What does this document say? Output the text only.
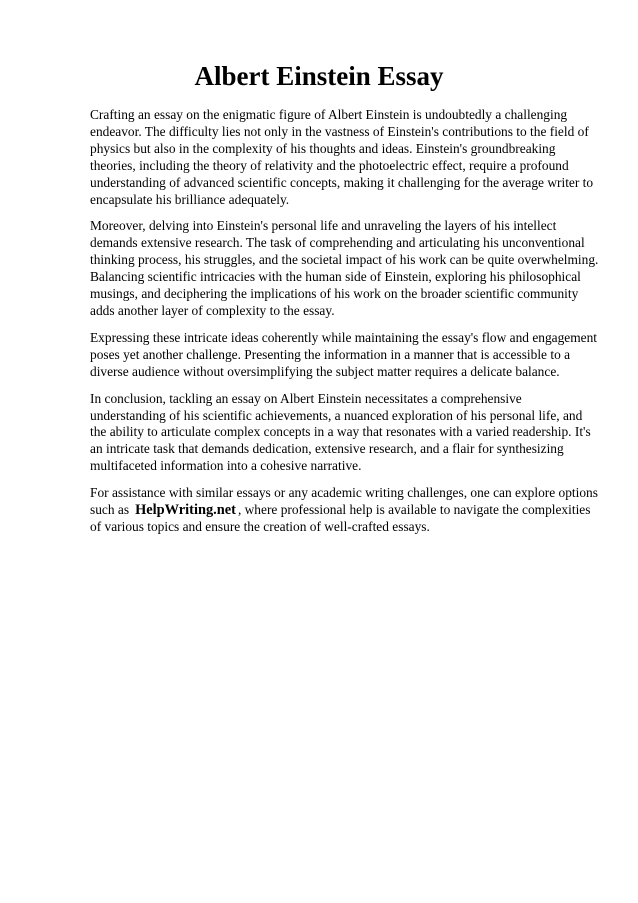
Albert Einstein Essay

Crafting an essay on the enigmatic figure of Albert Einstein is undoubtedly a challenging endeavor. The difficulty lies not only in the vastness of Einstein's contributions to the field of physics but also in the complexity of his thoughts and ideas. Einstein's groundbreaking theories, including the theory of relativity and the photoelectric effect, require a profound understanding of advanced scientific concepts, making it challenging for the average writer to encapsulate his brilliance adequately.

Moreover, delving into Einstein's personal life and unraveling the layers of his intellect demands extensive research. The task of comprehending and articulating his unconventional thinking process, his struggles, and the societal impact of his work can be quite overwhelming. Balancing scientific intricacies with the human side of Einstein, exploring his philosophical musings, and deciphering the implications of his work on the broader scientific community adds another layer of complexity to the essay.

Expressing these intricate ideas coherently while maintaining the essay's flow and engagement poses yet another challenge. Presenting the information in a manner that is accessible to a diverse audience without oversimplifying the subject matter requires a delicate balance.

In conclusion, tackling an essay on Albert Einstein necessitates a comprehensive understanding of his scientific achievements, a nuanced exploration of his personal life, and the ability to articulate complex concepts in a way that resonates with a varied readership. It's an intricate task that demands dedication, extensive research, and a flair for synthesizing multifaceted information into a cohesive narrative.

For assistance with similar essays or any academic writing challenges, one can explore options such as HelpWriting.net , where professional help is available to navigate the complexities of various topics and ensure the creation of well-crafted essays.
